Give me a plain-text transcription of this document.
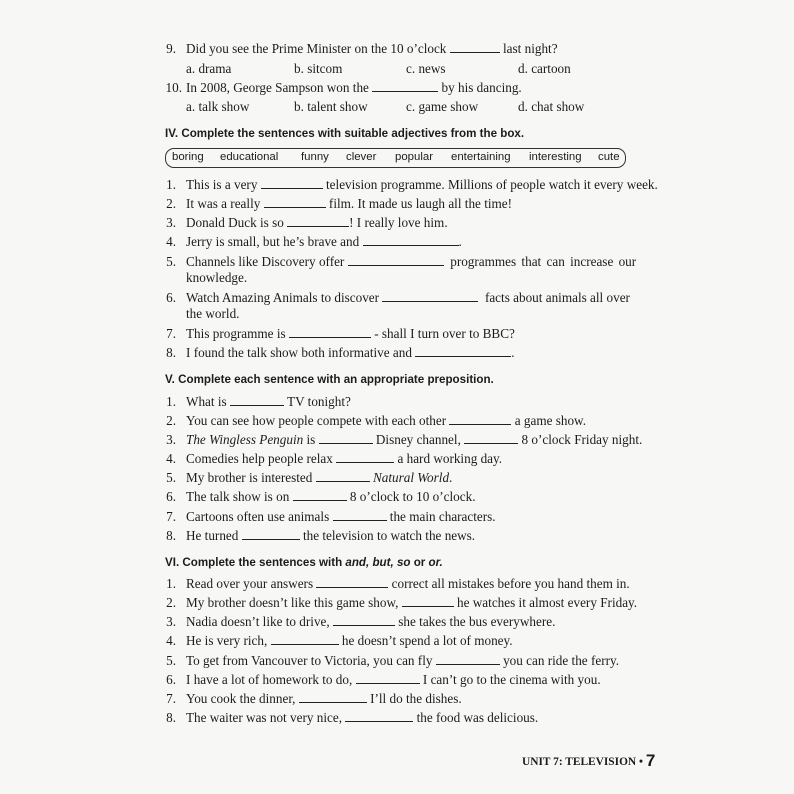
9. Did you see the Prime Minister on the 10 o’clock	last night?
a. drama	b. sitcom	c. news	d. cartoon
10. In 2008, George Sampson won the	by his dancing.
a. talk show	b. talent show	c. game show	d. chat show
IV. Complete the sentences with suitable adjectives from the box.
boring educational funny clever popular entertaining interesting cute
1. This is a very	television programme. Millions of people watch it every week.
2. It was a really	film. It made us laugh all the time!
3. Donald Duck is so	! I really love him.
4. Jerry is small, but he’s brave and	.
5. Channels like Discovery offer	programmes that can increase our
knowledge.
6. Watch Amazing Animals to discover	facts about animals all over
the world.
7. This programme is	- shall I turn over to BBC?
8. I found the talk show both informative and	.
V. Complete each sentence with an appropriate preposition.
1. What is	TV tonight?
2. You can see how people compete with each other	a game show.
3. The Wingless Penguin is	Disney channel,	8 o’clock Friday night.
4. Comedies help people relax	a hard working day.
5. My brother is interested	Natural World.
6. The talk show is on	8 o’clock to 10 o’clock.
7. Cartoons often use animals	the main characters.
8. He turned	the television to watch the news.
VI. Complete the sentences with and, but, so or or.
1. Read over your answers	correct all mistakes before you hand them in.
2. My brother doesn’t like this game show,	he watches it almost every Friday.
3. Nadia doesn’t like to drive,	she takes the bus everywhere.
4. He is very rich,	he doesn’t spend a lot of money.
5. To get from Vancouver to Victoria, you can fly	you can ride the ferry.
6. I have a lot of homework to do,	I can’t go to the cinema with you.
7. You cook the dinner,	I’ll do the dishes.
8. The waiter was not very nice,	the food was delicious.
UNIT 7: TELEVISION • 7
